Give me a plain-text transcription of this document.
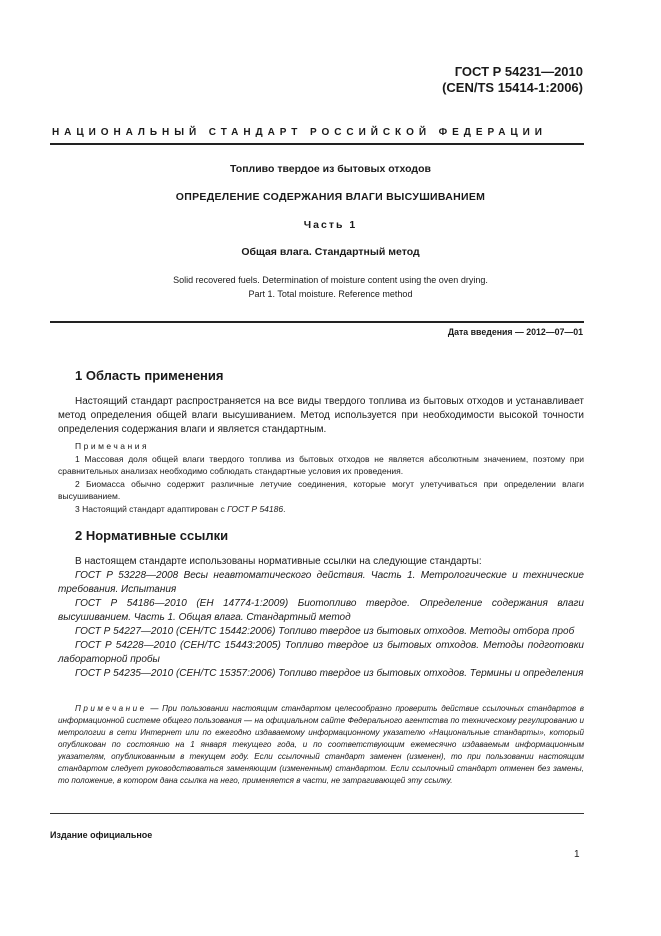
ГОСТ Р 54231—2010
(CEN/TS 15414-1:2006)
НАЦИОНАЛЬНЫЙ СТАНДАРТ РОССИЙСКОЙ ФЕДЕРАЦИИ
Топливо твердое из бытовых отходов
ОПРЕДЕЛЕНИЕ СОДЕРЖАНИЯ ВЛАГИ ВЫСУШИВАНИЕМ
Часть 1
Общая влага. Стандартный метод
Solid recovered fuels. Determination of moisture content using the oven drying.
Part 1. Total moisture. Reference method
Дата введения — 2012—07—01
1 Область применения

Настоящий стандарт распространяется на все виды твердого топлива из бытовых отходов и устанавливает метод определения общей влаги высушиванием. Метод используется при необходимости высокой точности определения содержания влаги и является стандартным.

Примечания

1 Массовая доля общей влаги твердого топлива из бытовых отходов не является абсолютным значением, поэтому при сравнительных анализах необходимо соблюдать стандартные условия их проведения.

2 Биомасса обычно содержит различные летучие соединения, которые могут улетучиваться при определении влаги высушиванием.

3 Настоящий стандарт адаптирован с ГОСТ Р 54186.

2 Нормативные ссылки

В настоящем стандарте использованы нормативные ссылки на следующие стандарты:

ГОСТ Р 53228—2008 Весы неавтоматического действия. Часть 1. Метрологические и технические требования. Испытания

ГОСТ Р 54186—2010 (ЕН 14774-1:2009) Биотопливо твердое. Определение содержания влаги высушиванием. Часть 1. Общая влага. Стандартный метод

ГОСТ Р 54227—2010 (СЕН/ТС 15442:2006) Топливо твердое из бытовых отходов. Методы отбора проб

ГОСТ Р 54228—2010 (СЕН/ТС 15443:2005) Топливо твердое из бытовых отходов. Методы подготовки лабораторной пробы

ГОСТ Р 54235—2010 (СЕН/ТС 15357:2006) Топливо твердое из бытовых отходов. Термины и определения

Примечание — При пользовании настоящим стандартом целесообразно проверить действие ссылочных стандартов в информационной системе общего пользования — на официальном сайте Федерального агентства по техническому регулированию и метрологии в сети Интернет или по ежегодно издаваемому информационному указателю «Национальные стандарты», который опубликован по состоянию на 1 января текущего года, и по соответствующим ежемесячно издаваемым информационным указателям, опубликованным в текущем году. Если ссылочный стандарт заменен (изменен), то при пользовании настоящим стандартом следует руководствоваться заменяющим (измененным) стандартом. Если ссылочный стандарт отменен без замены, то положение, в котором дана ссылка на него, применяется в части, не затрагивающей эту ссылку.

Издание официальное
1
